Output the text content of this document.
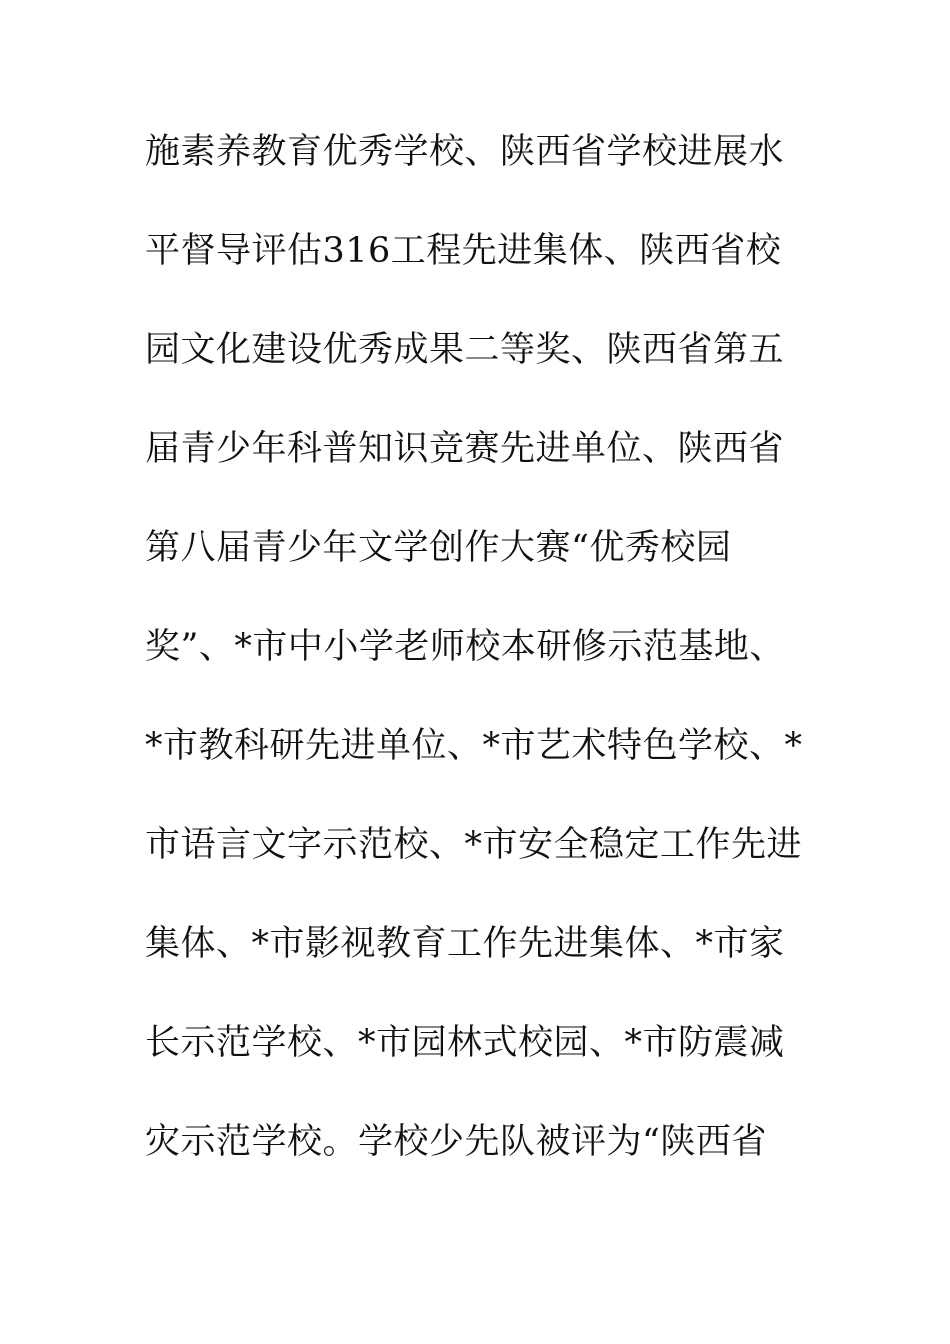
施素养教育优秀学校、陕西省学校进展水
平督导评估316工程先进集体、陕西省校
园文化建设优秀成果二等奖、陕西省第五
届青少年科普知识竞赛先进单位、陕西省
第八届青少年文学创作大赛“优秀校园
奖”、*市中小学老师校本研修示范基地、
*市教科研先进单位、*市艺术特色学校、*
市语言文字示范校、*市安全稳定工作先进
集体、*市影视教育工作先进集体、*市家
长示范学校、*市园林式校园、*市防震减
灾示范学校。学校少先队被评为“陕西省
